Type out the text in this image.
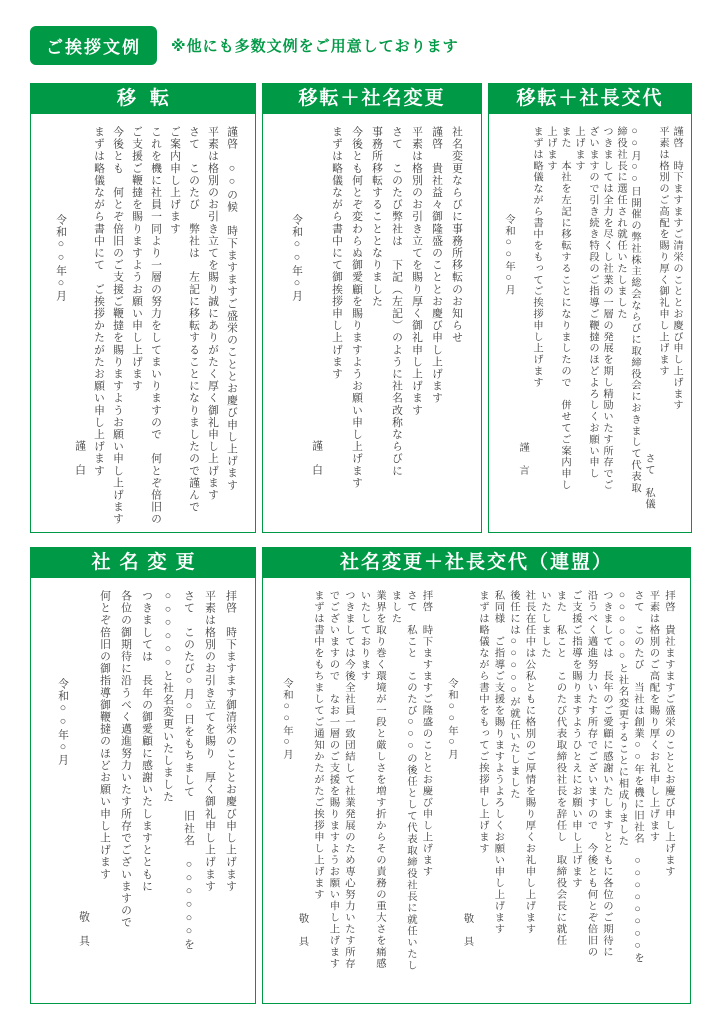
ご挨拶文例	※他にも多数文例をご用意しております
移転

謹啓　○○の候　時下ますますご盛栄のこととお慶び申し上げます

平素は格別のお引き立てを賜り誠にありがたく厚く御礼申し上げます

さて　このたび　弊社は　左記に移転することになりましたので謹んで

ご案内申し上げます

これを機に社員一同より一層の努力をしてまいりますので　何とぞ倍旧の

ご支援ご鞭撻を賜りますようお願い申し上げます

今後とも　何とぞ倍旧のご支援ご鞭撻を賜りますようお願い申し上げます

まずは略儀ながら書中にて　ご挨拶かたがたお願い申し上げます

謹　白

令和○○年○月

移転＋社名変更

社名変更ならびに事務所移転のお知らせ

謹啓　貴社益々御隆盛のこととお慶び申し上げます

平素は格別のお引き立てを賜り厚く御礼申し上げます

さて　このたび弊社は　下記（左記）のように社名改称ならびに

事務所移転することとなりました

今後とも何とぞ変わらぬ御愛顧を賜りますようお願い申し上げます

まずは略儀ながら書中にて御挨拶申し上げます

謹　白

令和○○年○月

移転＋社長交代

謹啓　時下ますますご清栄のこととお慶び申し上げます

平素は格別のご高配を賜り厚く御礼申し上げます

さて　私儀

○○月○○日開催の弊社株主総会ならびに取締役会におきまして代表取

締役社長に選任され就任いたしました

つきましては全力を尽くし社業の一層の発展を期し精励いたす所存でご

ざいますので引き続き特段のご指導ご鞭撻のほどよろしくお願い申し

上げます

また　本社を左記に移転することになりましたので　併せてご案内申し

上げます

まずは略儀ながら書中をもってご挨拶申し上げます

謹　言

令和○○年○月

社名変更

拝啓　時下ますます御清栄のこととお慶び申し上げます

平素は格別のお引き立てを賜り　厚く御礼申し上げます

さて　このたび○月○日をもちまして　旧社名　○○○○○○を

○○○○○○と社名変更いたしました

つきましては　長年の御愛顧に感謝いたしますとともに

各位の御期待に沿うべく邁進努力いたす所存でございますので

何とぞ倍旧の御指導御鞭撻のほどお願い申し上げます

敬　具

令和○○年○月

社名変更＋社長交代（連盟）

拝啓　貴社ますますご盛栄のこととお慶び申し上げます

平素は格別のご高配を賜り厚くお礼申し上げます

さて　このたび　当社は創業○○年を機に旧社名　○○○○○○○○を

○○○○○○と社名変更することに相成りました

つきましては　長年のご愛顧に感謝いたしますとともに各位のご期待に

沿うべく邁進努力いたす所存でございますので　今後とも何とぞ倍旧の

ご支援ご指導を賜りますようひとえにお願い申し上げます

また　私こと　このたび代表取締役社長を辞任し　取締役会長に就任

いたしました

社長在任中は公私ともに格別のご厚情を賜り厚くお礼申し上げます

後任には○○○○○が就任いたしました

私同様　ご指導ご支援を賜りますようよろしくお願い申し上げます

まずは略儀ながら書中をもってご挨拶申し上げます

敬　具

令和○○年○月

拝啓　時下ますますご隆盛のこととお慶び申し上げます

さて　私こと　このたび○○○の後任として代表取締役社長に就任いたし

ました

業界を取り巻く環境が一段と厳しさを増す折からその責務の重大さを痛感

いたしております

つきましては今後全社員一致団結して社業発展のため専心努力いたす所存

でございますので　なお一層のご支援を賜りますようお願い申し上げます

まずは書中をもちましてご通知かたがたご挨拶申し上げます

敬　具

令和○○年○月
